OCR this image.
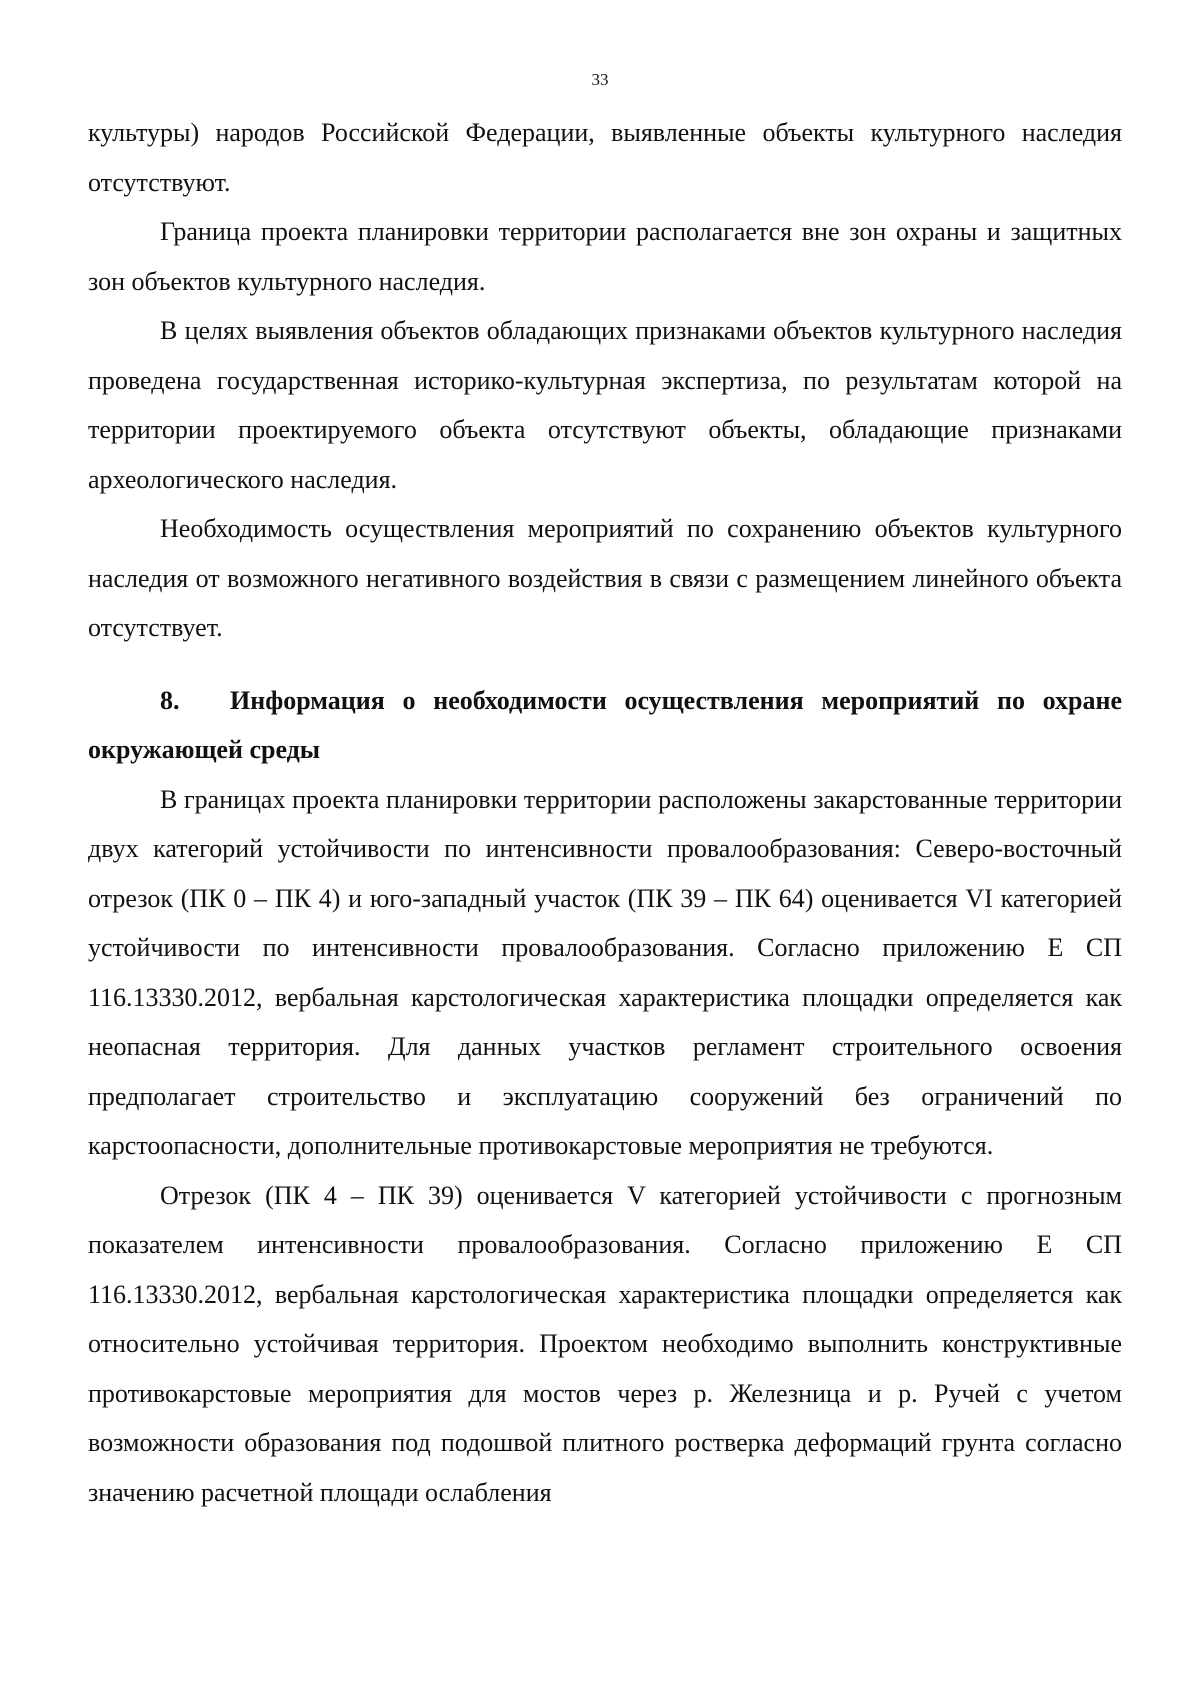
33

культуры) народов Российской Федерации, выявленные объекты культурного наследия отсутствуют.

Граница проекта планировки территории располагается вне зон охраны и защитных зон объектов культурного наследия.

В целях выявления объектов обладающих признаками объектов культурного наследия проведена государственная историко-культурная экспертиза, по результатам которой на территории проектируемого объекта отсутствуют объекты, обладающие признаками археологического наследия.

Необходимость осуществления мероприятий по сохранению объектов культурного наследия от возможного негативного воздействия в связи с размещением линейного объекта отсутствует.

8. Информация о необходимости осуществления мероприятий по охране окружающей среды

В границах проекта планировки территории расположены закарстованные территории двух категорий устойчивости по интенсивности провалообразования: Северо-восточный отрезок (ПК 0 – ПК 4) и юго-западный участок (ПК 39 – ПК 64) оценивается VI категорией устойчивости по интенсивности провалообразования. Согласно приложению Е СП 116.13330.2012, вербальная карстологическая характеристика площадки определяется как неопасная территория. Для данных участков регламент строительного освоения предполагает строительство и эксплуатацию сооружений без ограничений по карстоопасности, дополнительные противокарстовые мероприятия не требуются.

Отрезок (ПК 4 – ПК 39) оценивается V категорией устойчивости с прогнозным показателем интенсивности провалообразования. Согласно приложению Е СП 116.13330.2012, вербальная карстологическая характеристика площадки определяется как относительно устойчивая территория. Проектом необходимо выполнить конструктивные противокарстовые мероприятия для мостов через р. Железница и р. Ручей с учетом возможности образования под подошвой плитного ростверка деформаций грунта согласно значению расчетной площади ослабления
